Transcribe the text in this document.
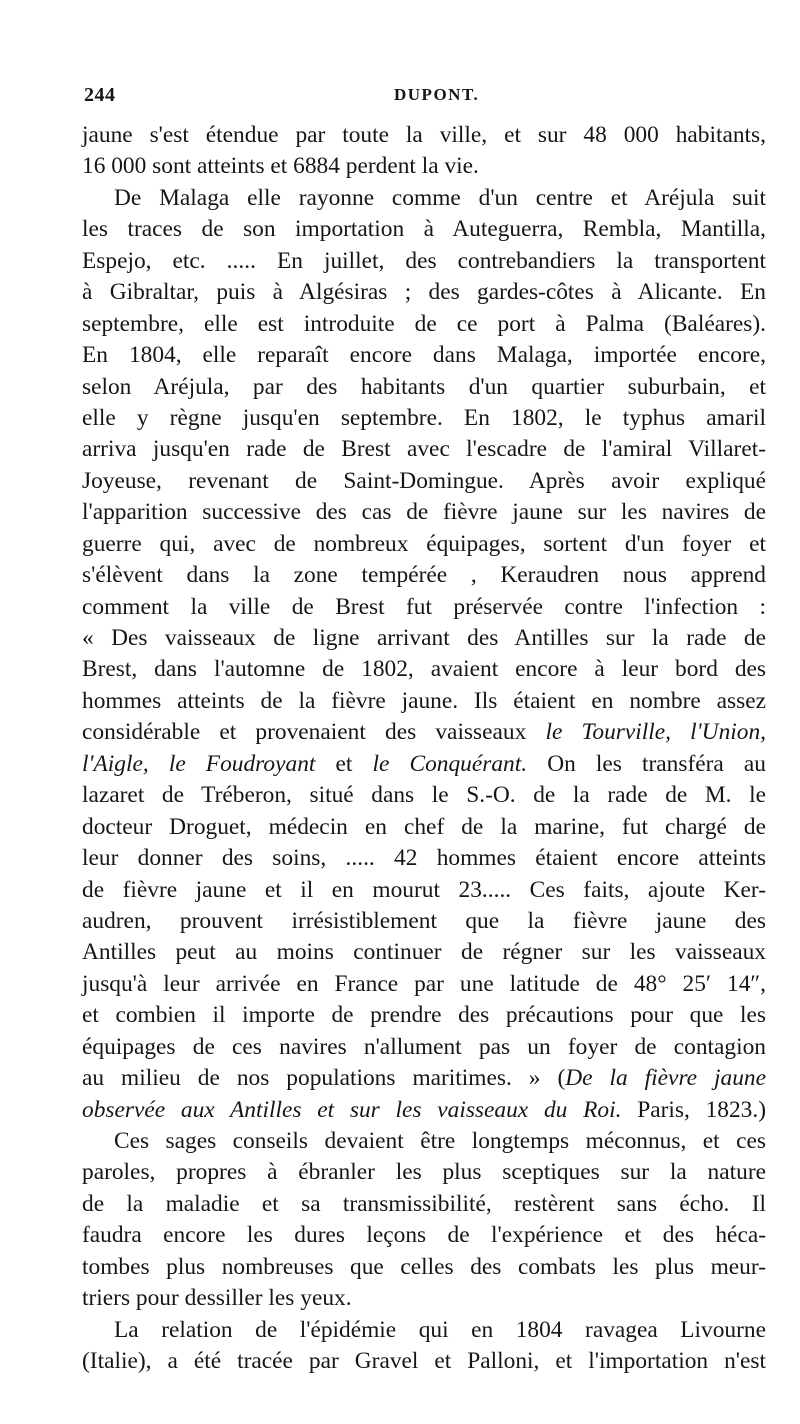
244	DUPONT.
jaune s'est étendue par toute la ville, et sur 48 000 habitants,
16 000 sont atteints et 6884 perdent la vie.
De Malaga elle rayonne comme d'un centre et Aréjula suit
les traces de son importation à Auteguerra, Rembla, Mantilla,
Espejo, etc. ..... En juillet, des contrebandiers la transportent
à Gibraltar, puis à Algésiras ; des gardes-côtes à Alicante. En
septembre, elle est introduite de ce port à Palma (Baléares).
En 1804, elle reparaît encore dans Malaga, importée encore,
selon Aréjula, par des habitants d'un quartier suburbain, et
elle y règne jusqu'en septembre. En 1802, le typhus amaril
arriva jusqu'en rade de Brest avec l'escadre de l'amiral Villaret-
Joyeuse, revenant de Saint-Domingue. Après avoir expliqué
l'apparition successive des cas de fièvre jaune sur les navires de
guerre qui, avec de nombreux équipages, sortent d'un foyer et
s'élèvent dans la zone tempérée , Keraudren nous apprend
comment la ville de Brest fut préservée contre l'infection :
« Des vaisseaux de ligne arrivant des Antilles sur la rade de
Brest, dans l'automne de 1802, avaient encore à leur bord des
hommes atteints de la fièvre jaune. Ils étaient en nombre assez
considérable et provenaient des vaisseaux le Tourville, l'Union,
l'Aigle, le Foudroyant et le Conquérant. On les transféra au
lazaret de Tréberon, situé dans le S.-O. de la rade de M. le
docteur Droguet, médecin en chef de la marine, fut chargé de
leur donner des soins, ..... 42 hommes étaient encore atteints
de fièvre jaune et il en mourut 23..... Ces faits, ajoute Ker-
audren, prouvent irrésistiblement que la fièvre jaune des
Antilles peut au moins continuer de régner sur les vaisseaux
jusqu'à leur arrivée en France par une latitude de 48° 25′ 14″,
et combien il importe de prendre des précautions pour que les
équipages de ces navires n'allument pas un foyer de contagion
au milieu de nos populations maritimes. » (De la fièvre jaune
observée aux Antilles et sur les vaisseaux du Roi. Paris, 1823.)
Ces sages conseils devaient être longtemps méconnus, et ces
paroles, propres à ébranler les plus sceptiques sur la nature
de la maladie et sa transmissibilité, restèrent sans écho. Il
faudra encore les dures leçons de l'expérience et des héca-
tombes plus nombreuses que celles des combats les plus meur-
triers pour dessiller les yeux.
La relation de l'épidémie qui en 1804 ravagea Livourne
(Italie), a été tracée par Gravel et Palloni, et l'importation n'est
